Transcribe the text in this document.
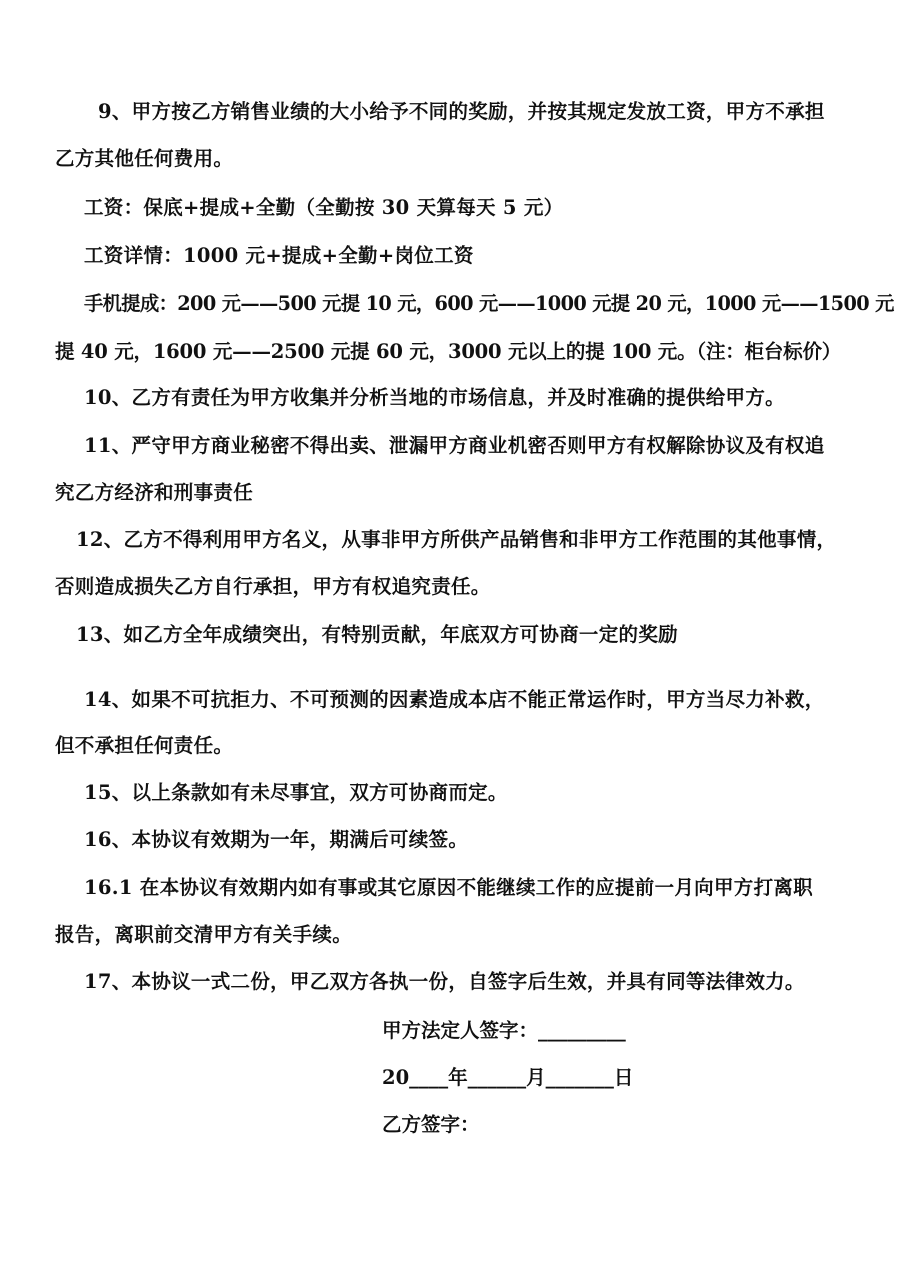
9、甲方按乙方销售业绩的大小给予不同的奖励，并按其规定发放工资，甲方不承担
乙方其他任何费用。
工资：保底+提成+全勤（全勤按 30 天算每天 5 元）
工资详情：1000 元+提成+全勤+岗位工资
手机提成：200 元——500 元提 10 元，600 元——1000 元提 20 元，1000 元——1500 元
提 40 元，1600 元——2500 元提 60 元，3000 元以上的提 100 元。（注：柜台标价）
10、乙方有责任为甲方收集并分析当地的市场信息，并及时准确的提供给甲方。
11、严守甲方商业秘密不得出卖、泄漏甲方商业机密否则甲方有权解除协议及有权追
究乙方经济和刑事责任
12、乙方不得利用甲方名义，从事非甲方所供产品销售和非甲方工作范围的其他事情，
否则造成损失乙方自行承担，甲方有权追究责任。
13、如乙方全年成绩突出，有特别贡献，年底双方可协商一定的奖励
14、如果不可抗拒力、不可预测的因素造成本店不能正常运作时，甲方当尽力补救，
但不承担任何责任。
15、以上条款如有未尽事宜，双方可协商而定。
16、本协议有效期为一年，期满后可续签。
16.1 在本协议有效期内如有事或其它原因不能继续工作的应提前一月向甲方打离职
报告，离职前交清甲方有关手续。
17、本协议一式二份，甲乙双方各执一份，自签字后生效，并具有同等法律效力。
甲方法定人签字：_________
20____年______月_______日
乙方签字：
